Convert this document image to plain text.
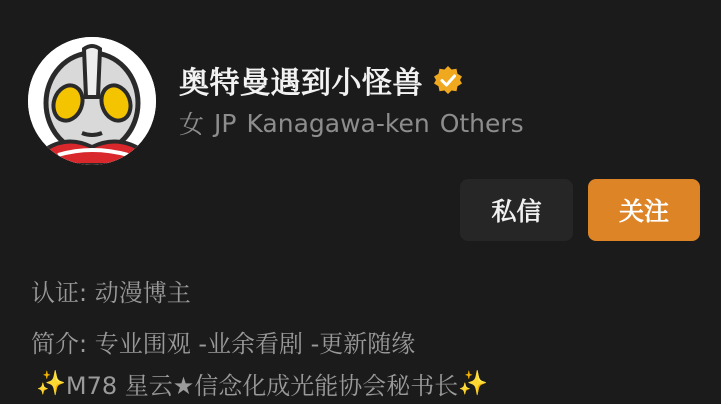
奥特曼遇到小怪兽
女 JP Kanagawa-ken Others
私信	关注
认证: 动漫博主
简介: 专业围观 -业余看剧 -更新随缘
✨ M78 星云★信念化成光能协会秘书长 ✨
